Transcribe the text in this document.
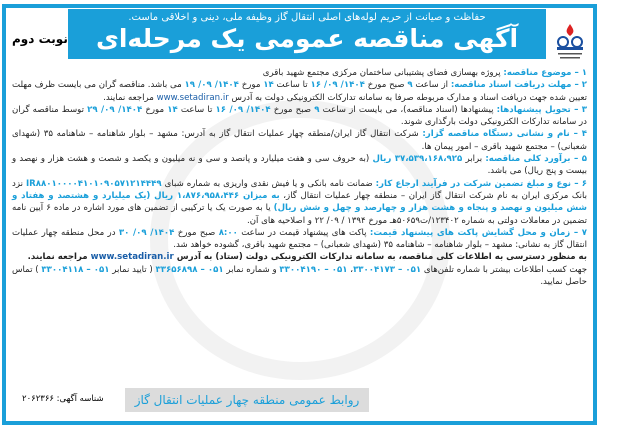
حفاظت و صیانت از حریم لوله‌های اصلی انتقال گاز وظیفه ملی، دینی و اخلاقی ماست.
آگهی مناقصه عمومی یک مرحله‌ای
نوبت دوم

۱ – موضوع مناقصه: پروژه بهسازی فضای پشتیبانی ساختمان مرکزی مجتمع شهید باقری

۲ – مهلت دریافت اسناد مناقصه: از ساعت ۹ صبح مورخ ۱۴۰۴/ ۰۹/ ۱۶ تا ساعت ۱۴ مورخ ۱۴۰۴/ ۰۹/ ۱۹ می باشد. مناقصه گران می بایست ظرف مهلت تعیین شده جهت دریافت اسناد و مدارک مربوطه صرفا به سامانه تدارکات الکترونیکی دولت به آدرس www.setadiran.ir مراجعه نمایند.

۳ – تحویل پیشنهادها: پیشنهادها (اسناد مناقصه)، می بایست از ساعت ۹ صبح مورخ ۱۴۰۴/ ۰۹/ ۱۶ تا ساعت ۱۴ مورخ ۱۴۰۴/ ۰۹/ ۲۹ توسط مناقصه گران در سامانه تدارکات الکترونیکی دولت بارگذاری شوند.

۴ – نام و نشانی دستگاه مناقصه گزار: شرکت انتقال گاز ایران/منطقه چهار عملیات انتقال گاز به آدرس: مشهد – بلوار شاهنامه – شاهنامه ۳۵ (شهدای شعبانی) – مجتمع شهید باقری – امور پیمان ها.

۵ – برآورد کلی مناقصه: برابر ۳۷،۵۳۹،۱۶۸،۹۲۵ ریال (به حروف سی و هفت میلیارد و پانصد و سی و نه میلیون و یکصد و شصت و هشت هزار و نهصد و بیست و پنج ریال) می باشد.

۶ – نوع و مبلغ تضمین شرکت در فرآیند ارجاع کار: ضمانت نامه بانکی و یا فیش نقدی واریزی به شماره شبای IR۸۸۰۱۰۰۰۰۴۱۰۱۰۹۰۵۷۱۲۱۴۴۴۹ نزد بانک مرکزی ایران به نام شرکت انتقال گاز ایران – منطقه چهار عملیات انتقال گاز، به میزان ۱،۸۷۶،۹۵۸،۴۴۶ ریال (یک میلیارد و هشتصد و هفتاد و شش میلیون و نهصد و پنجاه و هشت هزار و چهارصد و چهل و شش ریال) یا به صورت یک یا ترکیبی از تضمین های مورد اشاره در ماده ۶ آیین نامه تضمین در معاملات دولتی به شماره ۱۲۳۴۰۲/ت۵۰۶۵۹هـ مورخ ۱۳۹۴ / ۰۹/ ۲۲ و اصلاحیه های آن.

۷ – زمان و محل گشایش پاکت های پیشنهاد قیمت: پاکت های پیشنهاد قیمت در ساعت ۸:۰۰ صبح مورخ ۱۴۰۴/ ۰۹/ ۳۰ در محل منطقه چهار عملیات انتقال گاز به نشانی: مشهد – بلوار شاهنامه – شاهنامه ۳۵ (شهدای شعبانی) – مجتمع شهید باقری، گشوده خواهد شد.

به منظور دسترسی به اطلاعات کلی مناقصه، به سامانه تدارکات الکترونیکی دولت (ستاد) به آدرس www.setadiran.ir مراجعه نمایند.

جهت کسب اطلاعات بیشتر با شماره تلفن‌های ۰۵۱ – ۳۳۰۰۴۱۷۳، ۰۵۱ – ۳۳۰۰۴۱۹۰ و شماره نمابر ۰۵۱ – ۳۳۶۵۶۸۹۸ ( تایید نمابر ۰۵۱ – ۳۳۰۰۴۱۱۸ ) تماس حاصل نمایید.

شناسه آگهی: ۲۰۶۲۳۶۶	روابط عمومی منطقه چهار عملیات انتقال گاز
